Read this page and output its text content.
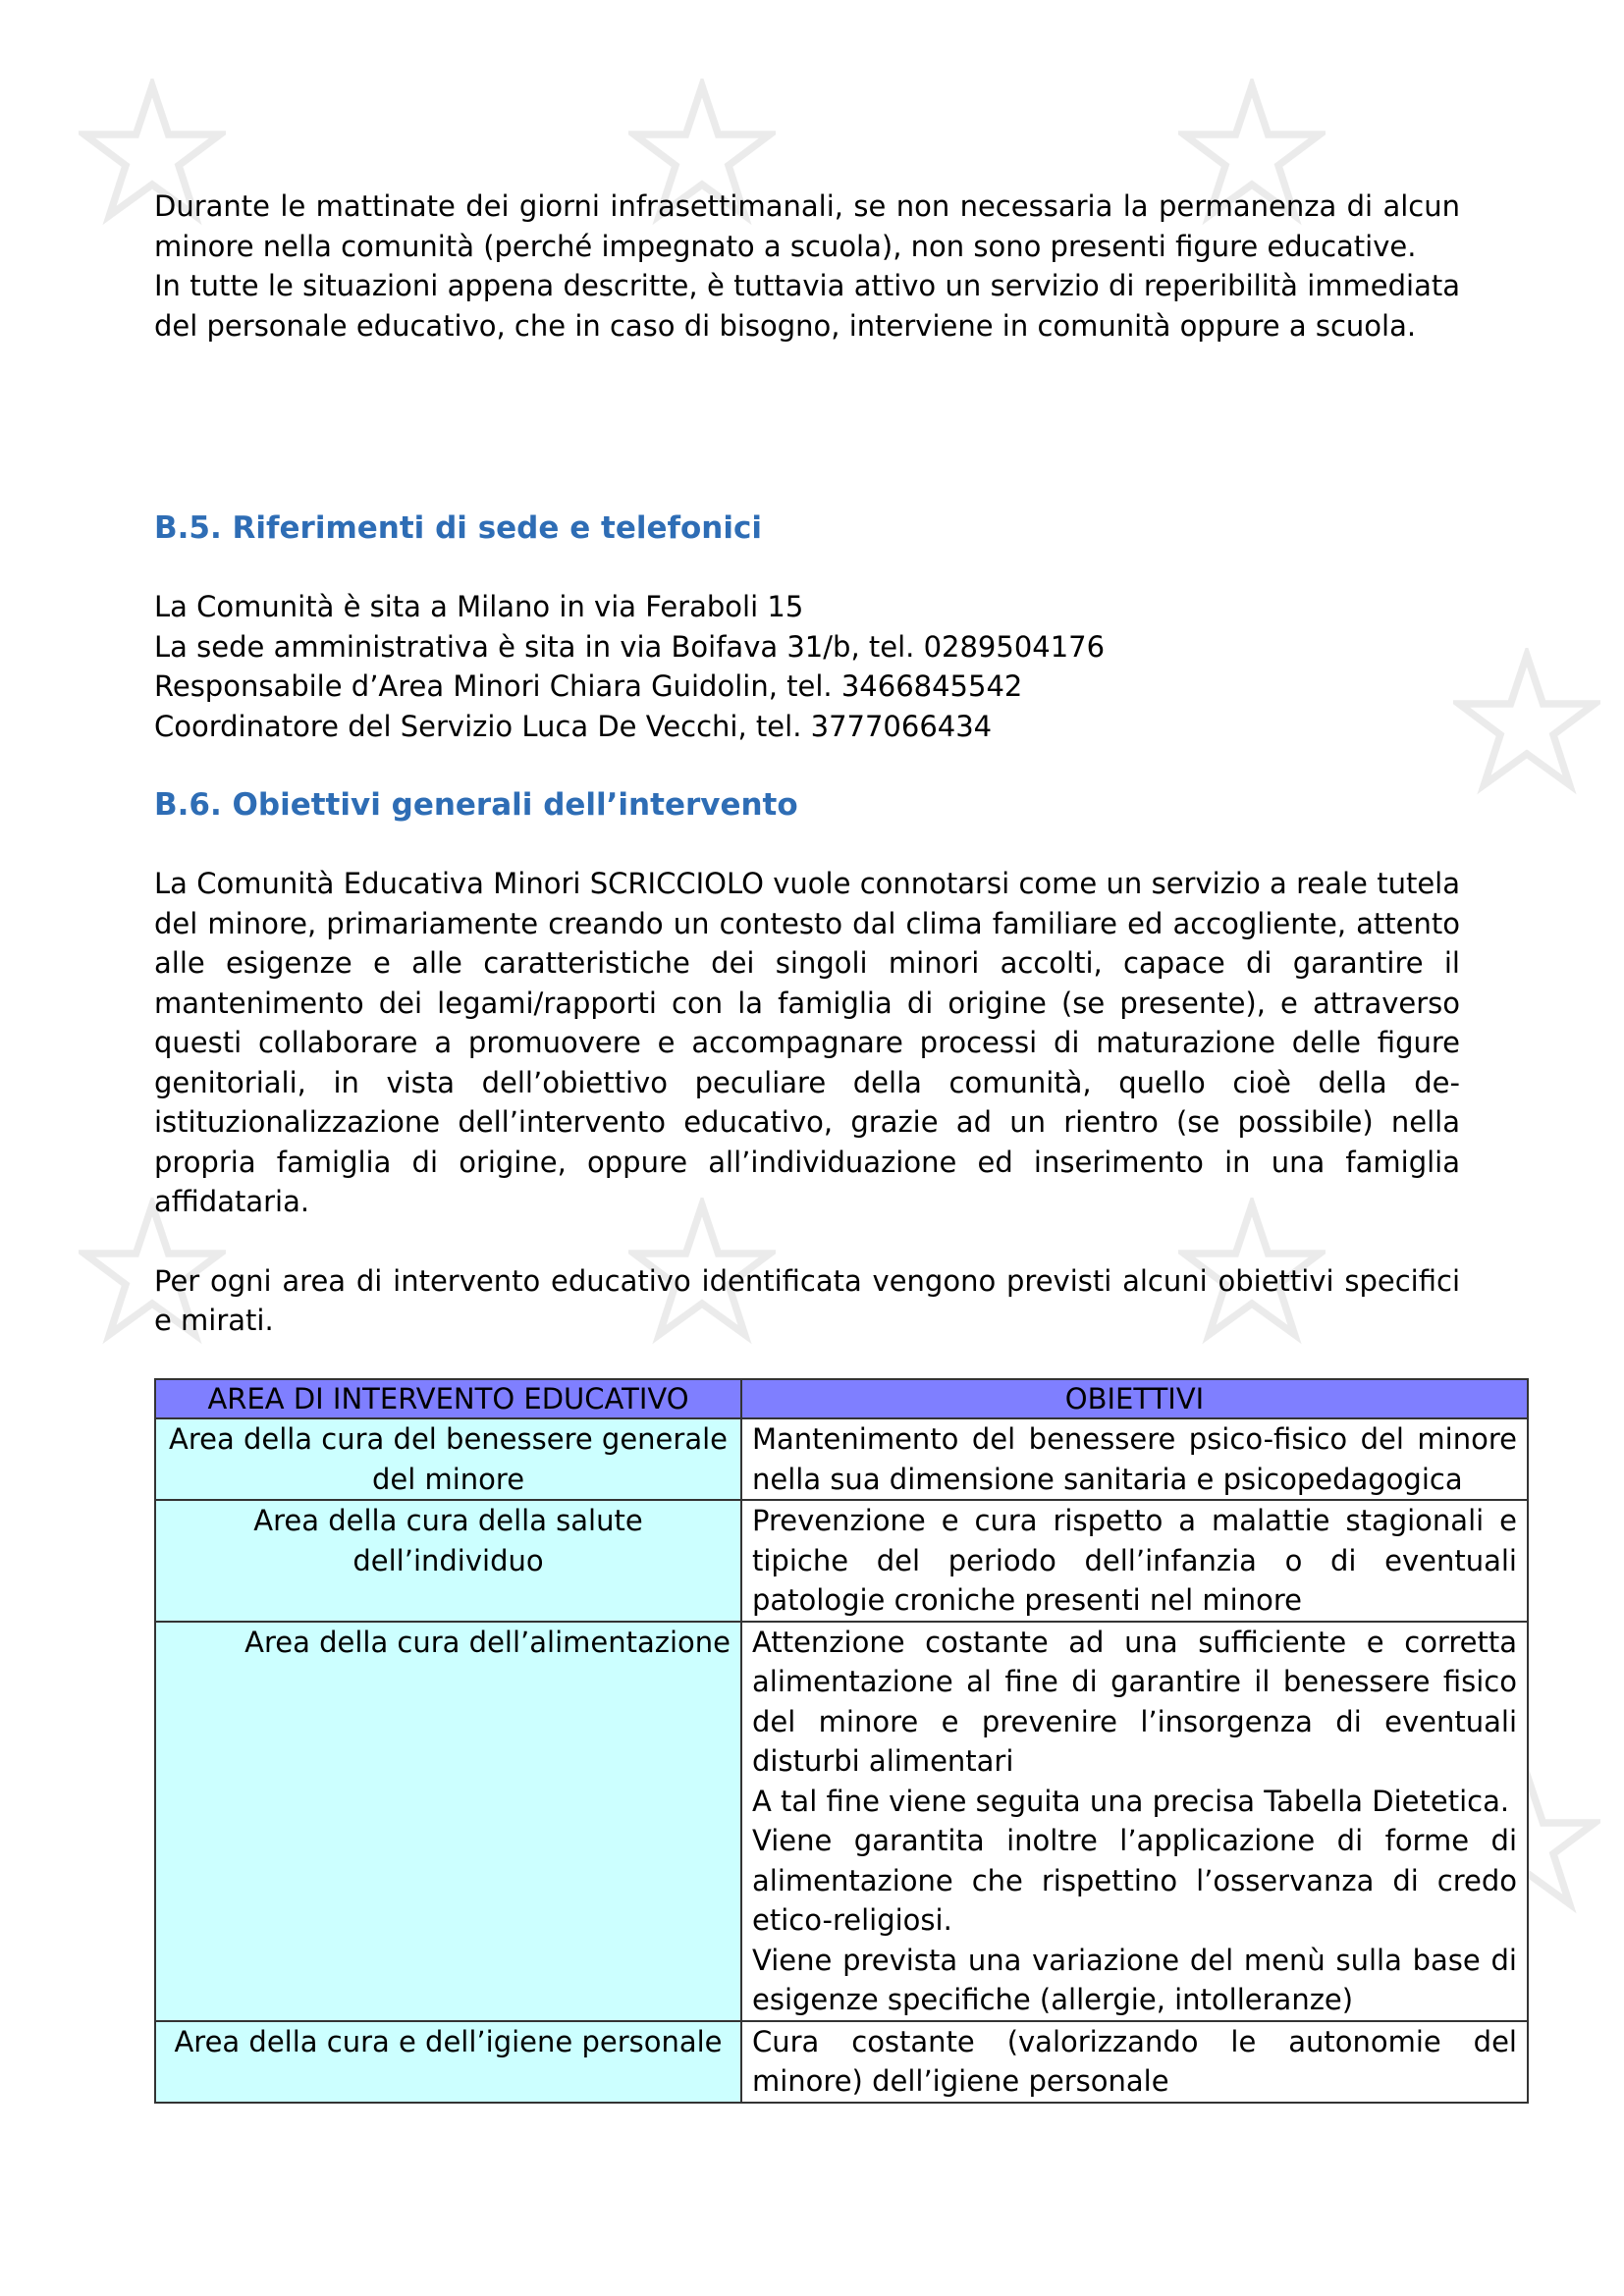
Durante le mattinate dei giorni infrasettimanali, se non necessaria la permanenza di alcun minore nella comunità (perché impegnato a scuola), non sono presenti figure educative.

In tutte le situazioni appena descritte, è tuttavia attivo un servizio di reperibilità immediata del personale educativo, che in caso di bisogno, interviene in comunità oppure a scuola.

B.5. Riferimenti di sede e telefonici
La Comunità è sita a Milano in via Feraboli 15
La sede amministrativa è sita in via Boifava 31/b, tel. 0289504176
Responsabile d’Area Minori Chiara Guidolin, tel. 3466845542
Coordinatore del Servizio Luca De Vecchi, tel. 3777066434
B.6. Obiettivi generali dell’intervento

La Comunità Educativa Minori SCRICCIOLO vuole connotarsi come un servizio a reale tutela del minore, primariamente creando un contesto dal clima familiare ed accogliente, attento alle esigenze e alle caratteristiche dei singoli minori accolti, capace di garantire il mantenimento dei legami/rapporti con la famiglia di origine (se presente), e attraverso questi collaborare a promuovere e accompagnare processi di maturazione delle figure genitoriali, in vista dell’obiettivo peculiare della comunità, quello cioè della de-istituzionalizzazione dell’intervento educativo, grazie ad un rientro (se possibile) nella propria famiglia di origine, oppure all’individuazione ed inserimento in una famiglia affidataria.

Per ogni area di intervento educativo identificata vengono previsti alcuni obiettivi specifici e mirati.

AREA DI INTERVENTO EDUCATIVO	OBIETTIVI
Area della cura del benessere generale del minore	Mantenimento del benessere psico-fisico del minore nella sua dimensione sanitaria e psicopedagogica

Area della cura della salute dell’individuo	Prevenzione e cura rispetto a malattie stagionali e tipiche del periodo dell’infanzia o di eventuali patologie croniche presenti nel minore

Area della cura dell’alimentazione	Attenzione costante ad una sufficiente e corretta alimentazione al fine di garantire il benessere fisico del minore e prevenire l’insorgenza di eventuali disturbi alimentari
A tal fine viene seguita una precisa Tabella Dietetica.
Viene garantita inoltre l’applicazione di forme di alimentazione che rispettino l’osservanza di credo etico-religiosi.
Viene prevista una variazione del menù sulla base di esigenze specifiche (allergie, intolleranze)

Area della cura e dell’igiene personale	Cura costante (valorizzando le autonomie del minore) dell’igiene personale
